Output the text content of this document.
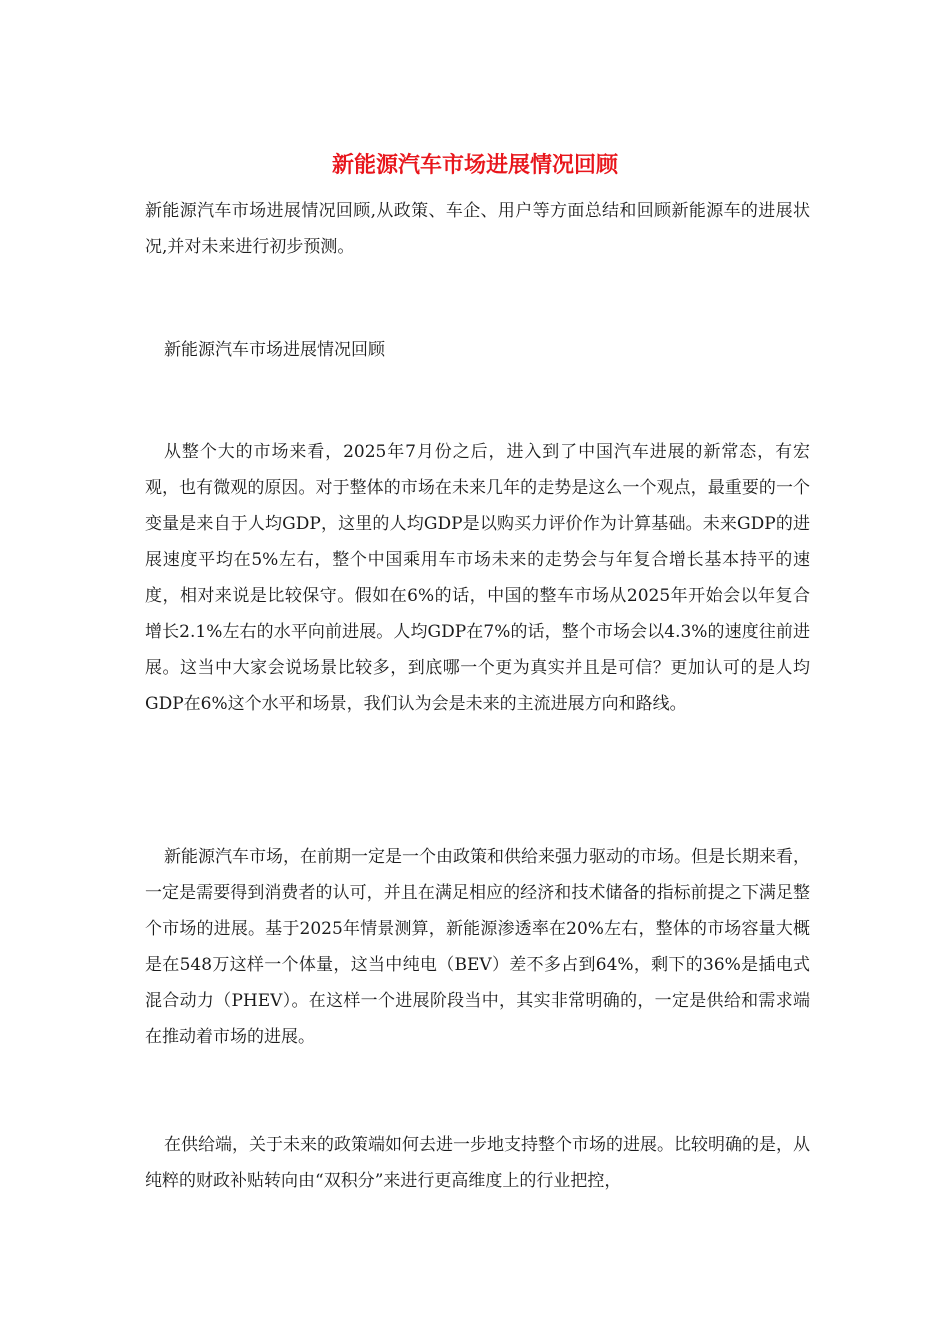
新能源汽车市场进展情况回顾

新能源汽车市场进展情况回顾,从政策、车企、用户等方面总结和回顾新能源车的进展状况,并对未来进行初步预测。

新能源汽车市场进展情况回顾

从整个大的市场来看，2025年7月份之后，进入到了中国汽车进展的新常态，有宏观，也有微观的原因。对于整体的市场在未来几年的走势是这么一个观点，最重要的一个变量是来自于人均GDP，这里的人均GDP是以购买力评价作为计算基础。未来GDP的进展速度平均在5%左右，整个中国乘用车市场未来的走势会与年复合增长基本持平的速度，相对来说是比较保守。假如在6%的话，中国的整车市场从2025年开始会以年复合增长2.1%左右的水平向前进展。人均GDP在7%的话，整个市场会以4.3%的速度往前进展。这当中大家会说场景比较多，到底哪一个更为真实并且是可信？更加认可的是人均GDP在6%这个水平和场景，我们认为会是未来的主流进展方向和路线。

新能源汽车市场，在前期一定是一个由政策和供给来强力驱动的市场。但是长期来看，一定是需要得到消费者的认可，并且在满足相应的经济和技术储备的指标前提之下满足整个市场的进展。基于2025年情景测算，新能源渗透率在20%左右，整体的市场容量大概是在548万这样一个体量，这当中纯电（BEV）差不多占到64%，剩下的36%是插电式混合动力（PHEV）。在这样一个进展阶段当中，其实非常明确的，一定是供给和需求端在推动着市场的进展。

在供给端，关于未来的政策端如何去进一步地支持整个市场的进展。比较明确的是，从纯粹的财政补贴转向由“双积分”来进行更高维度上的行业把控，
